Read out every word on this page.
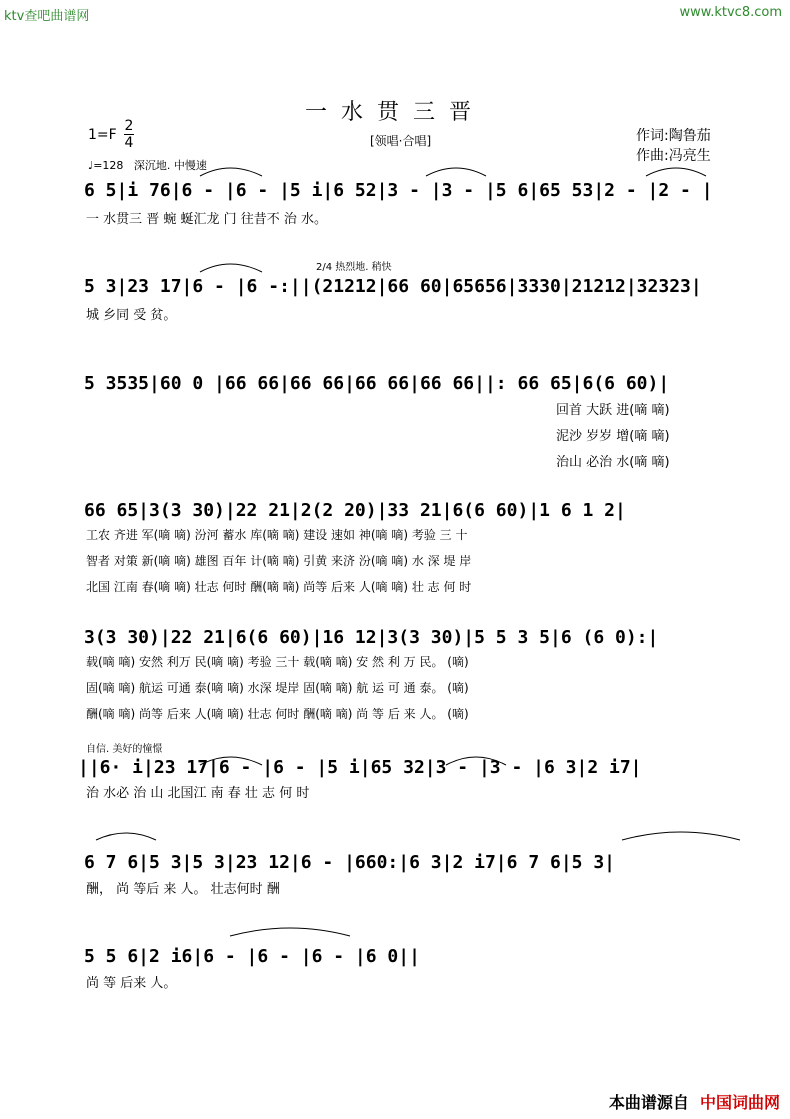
ktv查吧曲谱网	www.ktvc8.com
一水贯三晋
1=F
2
4	[领唱·合唱]	作词:陶鲁茄
作曲:冯亮生
♩=128 深沉地. 中慢速
6 5|i 76|6 - |6 - |5 i|6 52|3 - |3 - |5 6|65 53|2 - |2 - |
一 水贯三 晋 蜿 蜒汇龙 门 往昔不 治 水。
2/4 热烈地. 稍快
5 3|23 17|6 - |6 -:||(21212|66 60|65656|3330|21212|32323|
城 乡同 受 贫。
5 3535|60 0 |66 66|66 66|66 66|66 66||: 66 65|6(6 60)|
回首 大跃 进(嘀 嘀)
泥沙 岁岁 增(嘀 嘀)
治山 必治 水(嘀 嘀)
66 65|3(3 30)|22 21|2(2 20)|33 21|6(6 60)|1 6 1 2|
工农 齐进 军(嘀 嘀) 汾河 蓄水 库(嘀 嘀) 建设 速如 神(嘀 嘀) 考验 三 十
智者 对策 新(嘀 嘀) 雄图 百年 计(嘀 嘀) 引黄 来济 汾(嘀 嘀) 水 深 堤 岸
北国 江南 春(嘀 嘀) 壮志 何时 酬(嘀 嘀) 尚等 后来 人(嘀 嘀) 壮 志 何 时
3(3 30)|22 21|6(6 60)|16 12|3(3 30)|5 5 3 5|6 (6 0):|
载(嘀 嘀) 安然 利万 民(嘀 嘀) 考验 三十 载(嘀 嘀) 安 然 利 万 民。 (嘀)
固(嘀 嘀) 航运 可通 泰(嘀 嘀) 水深 堤岸 固(嘀 嘀) 航 运 可 通 泰。 (嘀)
酬(嘀 嘀) 尚等 后来 人(嘀 嘀) 壮志 何时 酬(嘀 嘀) 尚 等 后 来 人。 (嘀)
自信. 美好的憧憬
||6· i|23 17|6 - |6 - |5 i|65 32|3 - |3 - |6 3|2 i7|
治 水必 治 山 北国江 南 春 壮 志 何 时
6 7 6|5 3|5 3|23 12|6 - |660:|6 3|2 i7|6 7 6|5 3|
酬， 尚 等后 来 人。 壮志何时 酬
5 5 6|2 i6|6 - |6 - |6 - |6 0||
尚 等 后来 人。
本曲谱源自 中国词曲网
